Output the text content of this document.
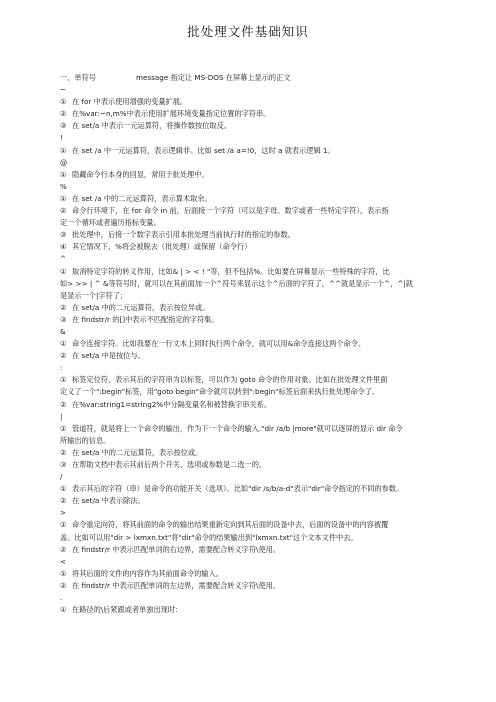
批处理文件基础知识
一、单符号	message 指定让 MS-DOS 在屏幕上显示的正文
~
① 在 for 中表示使用增强的变量扩展。
② 在%var:~n,m%中表示使用扩展环境变量指定位置的字符串。
③ 在 set/a 中表示一元运算符，将操作数按位取反。
!
① 在 set /a 中一元运算符，表示逻辑非。比如 set /a a=!0，这时 a 就表示逻辑 1。
@
① 隐藏命令行本身的回显，常用于批处理中。
%
① 在 set /a 中的二元运算符，表示算术取余。
② 命令行环境下，在 for 命令 in 前，后面接一个字符（可以是字母、数字或者一些特定字符），表示指
定一个循环或者遍历指标变量。
③ 批处理中，后接一个数字表示引用本批处理当前执行时的指定的参数。
④ 其它情况下，%将会被脱去（批处理）或保留（命令行）
^
① 取消特定字符的转义作用，比如& | > < ! "等，但不包括%。比如要在屏幕显示一些特殊的字符，比
如> >> | ^ &等符号时，就可以在其前面加一个^符号来显示这个^后面的字符了，^^就是显示一个^，^|就
是显示一个|字符了；
② 在 set/a 中的二元运算符，表示按位异或。
③ 在 findstr/r 的[]中表示不匹配指定的字符集。
&
① 命令连接字符。比如我要在一行文本上同时执行两个命令，就可以用&命令连接这两个命令。
② 在 set/a 中是按位与。
:
① 标签定位符，表示其后的字符串为以标签，可以作为 goto 命令的作用对象。比如在批处理文件里面
定义了一个":begin"标签，用"goto begin"命令就可以转到":begin"标签后面来执行批处理命令了。
② 在%var:string1=string2%中分隔变量名和被替换字串关系。
|
① 管道符，就是将上一个命令的输出，作为下一个命令的输入."dir /a/b |more"就可以逐屏的显示 dir 命令
所输出的信息。
② 在 set/a 中的二元运算符，表示按位或。
③ 在帮助文档中表示其前后两个开关、选项或参数是二选一的。
/
① 表示其后的字符（串）是命令的功能开关（选项）。比如"dir /s/b/a-d"表示"dir"命令指定的不同的参数。
② 在 set/a 中表示除法。
>
① 命令重定向符，将其前面的命令的输出结果重新定向到其后面的设备中去，后面的设备中的内容被覆
盖。比如可以用"dir > lxmxn.txt"将"dir"命令的结果输出到"lxmxn.txt"这个文本文件中去。
② 在 findstr/r 中表示匹配单词的右边界，需要配合转义字符\使用。
<
① 将其后面的文件的内容作为其前面命令的输入。
② 在 findstr/r 中表示匹配单词的左边界，需要配合转义字符\使用。
.
① 在路径的\后紧跟或者单独出现时：
